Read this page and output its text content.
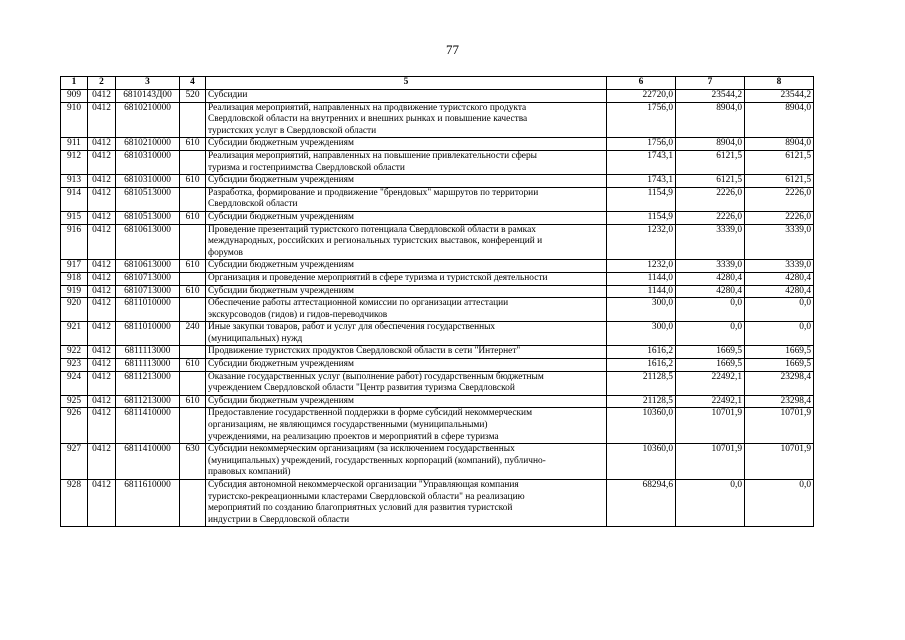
77
1	2	3	4	5	6	7	8
909	0412	6810143Д00	520	Субсидии	22720,0	23544,2	23544,2
910	0412	6810210000		Реализация мероприятий, направленных на продвижение туристского продукта
Свердловской области на внутренних и внешних рынках и повышение качества
туристских услуг в Свердловской области	1756,0	8904,0	8904,0
911	0412	6810210000	610	Субсидии бюджетным учреждениям	1756,0	8904,0	8904,0
912	0412	6810310000		Реализация мероприятий, направленных на повышение привлекательности сферы
туризма и гостеприимства Свердловской области	1743,1	6121,5	6121,5
913	0412	6810310000	610	Субсидии бюджетным учреждениям	1743,1	6121,5	6121,5
914	0412	6810513000		Разработка, формирование и продвижение "брендовых" маршрутов по территории
Свердловской области	1154,9	2226,0	2226,0
915	0412	6810513000	610	Субсидии бюджетным учреждениям	1154,9	2226,0	2226,0
916	0412	6810613000		Проведение презентаций туристского потенциала Свердловской области в рамках
международных, российских и региональных туристских выставок, конференций и
форумов	1232,0	3339,0	3339,0
917	0412	6810613000	610	Субсидии бюджетным учреждениям	1232,0	3339,0	3339,0
918	0412	6810713000		Организация и проведение мероприятий в сфере туризма и туристской деятельности	1144,0	4280,4	4280,4
919	0412	6810713000	610	Субсидии бюджетным учреждениям	1144,0	4280,4	4280,4
920	0412	6811010000		Обеспечение работы аттестационной комиссии по организации аттестации
экскурсоводов (гидов) и гидов-переводчиков	300,0	0,0	0,0
921	0412	6811010000	240	Иные закупки товаров, работ и услуг для обеспечения государственных
(муниципальных) нужд	300,0	0,0	0,0
922	0412	6811113000		Продвижение туристских продуктов Свердловской области в сети "Интернет"	1616,2	1669,5	1669,5
923	0412	6811113000	610	Субсидии бюджетным учреждениям	1616,2	1669,5	1669,5
924	0412	6811213000		Оказание государственных услуг (выполнение работ) государственным бюджетным
учреждением Свердловской области "Центр развития туризма Свердловской	21128,5	22492,1	23298,4
925	0412	6811213000	610	Субсидии бюджетным учреждениям	21128,5	22492,1	23298,4
926	0412	6811410000		Предоставление государственной поддержки в форме субсидий некоммерческим
организациям, не являющимся государственными (муниципальными)
учреждениями, на реализацию проектов и мероприятий в сфере туризма	10360,0	10701,9	10701,9
927	0412	6811410000	630	Субсидии некоммерческим организациям (за исключением государственных
(муниципальных) учреждений, государственных корпораций (компаний), публично-
правовых компаний)	10360,0	10701,9	10701,9
928	0412	6811610000		Субсидия автономной некоммерческой организации "Управляющая компания
туристско-рекреационными кластерами Свердловской области" на реализацию
мероприятий по созданию благоприятных условий для развития туристской
индустрии в Свердловской области	68294,6	0,0	0,0
